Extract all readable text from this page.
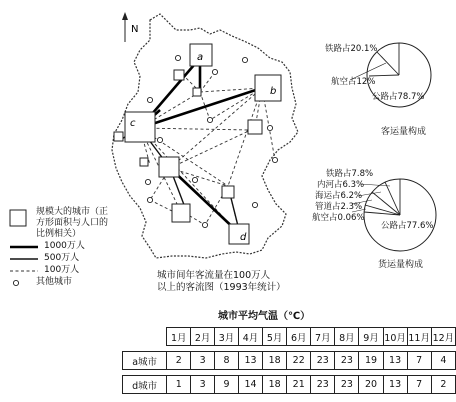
N
a
b
c
d
规模大的城市（正
方形面积与人口的
比例相关）
1000万人
500万人
100万人
其他城市
城市间年客流量在100万人
以上的客流图（1993年统计）
铁路占20.1%
航空占12%
公路占78.7%
客运量构成
铁路占7.8%
内河占6.3%
海运占6.2%
管道占2.3%
航空占0.06%
公路占77.6%
货运量构成
城市平均气温（℃）
	1月	2月	3月	4月	5月	6月	7月	8月	9月	10月	11月	12月

a城市	2	3	8	13	18	22	23	23	19	13	7	4

d城市	1	3	9	14	18	21	23	23	20	13	7	2
